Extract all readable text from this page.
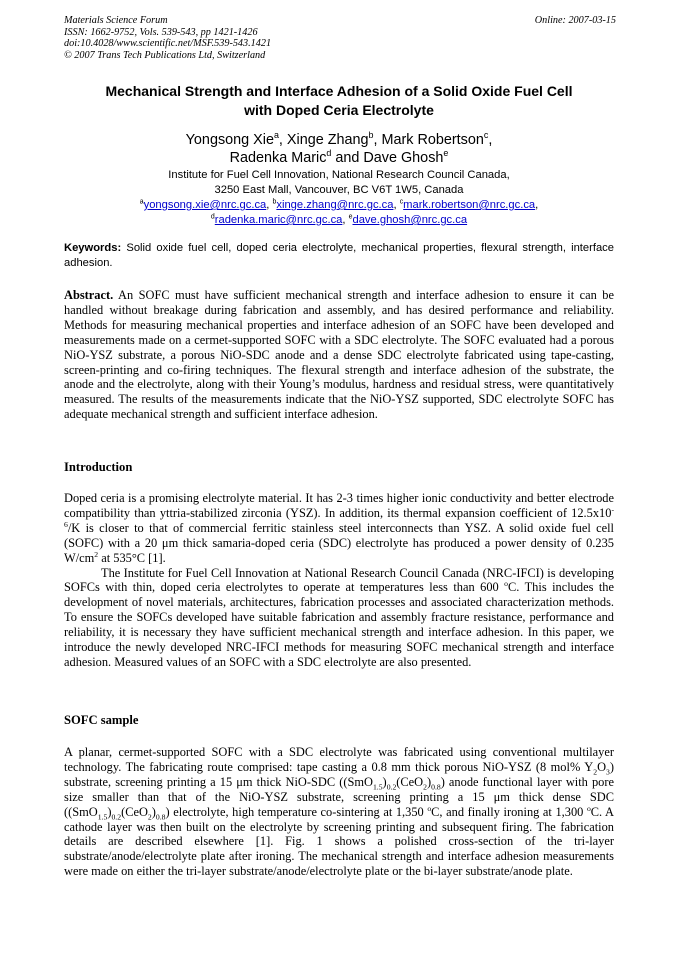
Materials Science Forum	Online: 2007-03-15
ISSN: 1662-9752, Vols. 539-543, pp 1421-1426
doi:10.4028/www.scientific.net/MSF.539-543.1421
© 2007 Trans Tech Publications Ltd, Switzerland
Mechanical Strength and Interface Adhesion of a Solid Oxide Fuel Cell
with Doped Ceria Electrolyte
Yongsong Xie$^a$, Xinge Zhang$^b$, Mark Robertson$^c$,
Radenka Maric$^d$ and Dave Ghosh$^e$
Institute for Fuel Cell Innovation, National Research Council Canada,
3250 East Mall, Vancouver, BC V6T 1W5, Canada
$^a$yongsong.xie@nrc.gc.ca, $^b$xinge.zhang@nrc.gc.ca, $^c$mark.robertson@nrc.gc.ca,
$^d$radenka.maric@nrc.gc.ca, $^e$dave.ghosh@nrc.gc.ca
Keywords: Solid oxide fuel cell, doped ceria electrolyte, mechanical properties, flexural strength, interface adhesion.

Abstract. An SOFC must have sufficient mechanical strength and interface adhesion to ensure it can be handled without breakage during fabrication and assembly, and has desired performance and reliability. Methods for measuring mechanical properties and interface adhesion of an SOFC have been developed and measurements made on a cermet-supported SOFC with a SDC electrolyte. The SOFC evaluated had a porous NiO-YSZ substrate, a porous NiO-SDC anode and a dense SDC electrolyte fabricated using tape-casting, screen-printing and co-firing techniques. The flexural strength and interface adhesion of the substrate, the anode and the electrolyte, along with their Young’s modulus, hardness and residual stress, were quantitatively measured. The results of the measurements indicate that the NiO-YSZ supported, SDC electrolyte SOFC has adequate mechanical strength and sufficient interface adhesion.

Introduction

Doped ceria is a promising electrolyte material. It has 2-3 times higher ionic conductivity and better electrode compatibility than yttria-stabilized zirconia (YSZ). In addition, its thermal expansion coefficient of $12.5x10^{-6}/K$ is closer to that of commercial ferritic stainless steel interconnects than YSZ. A solid oxide fuel cell (SOFC) with a 20 μm thick samaria-doped ceria (SDC) electrolyte has produced a power density of 0.235 $W/cm^2$ at 535°C [1].

The Institute for Fuel Cell Innovation at National Research Council Canada (NRC-IFCI) is developing SOFCs with thin, doped ceria electrolytes to operate at temperatures less than 600 $^o$C. This includes the development of novel materials, architectures, fabrication processes and associated characterization methods. To ensure the SOFCs developed have suitable fabrication and assembly fracture resistance, performance and reliability, it is necessary they have sufficient mechanical strength and interface adhesion. In this paper, we introduce the newly developed NRC-IFCI methods for measuring SOFC mechanical strength and interface adhesion. Measured values of an SOFC with a SDC electrolyte are also presented.

SOFC sample

A planar, cermet-supported SOFC with a SDC electrolyte was fabricated using conventional multilayer technology. The fabricating route comprised: tape casting a 0.8 mm thick porous NiO-YSZ (8 mol% $Y_2O_3$) substrate, screening printing a 15 μm thick NiO-SDC $((SmO_{1.5})_{0.2}(CeO_2)_{0.8})$ anode functional layer with pore size smaller than that of the NiO-YSZ substrate, screening printing a 15 μm thick dense SDC $((SmO_{1.5})_{0.2}(CeO_2)_{0.8})$ electrolyte, high temperature co-sintering at 1,350 $^o$C, and finally ironing at 1,300 $^o$C. A cathode layer was then built on the electrolyte by screening printing and subsequent firing. The fabrication details are described elsewhere [1]. Fig. 1 shows a polished cross-section of the tri-layer substrate/anode/electrolyte plate after ironing. The mechanical strength and interface adhesion measurements were made on either the tri-layer substrate/anode/electrolyte plate or the bi-layer substrate/anode plate.
